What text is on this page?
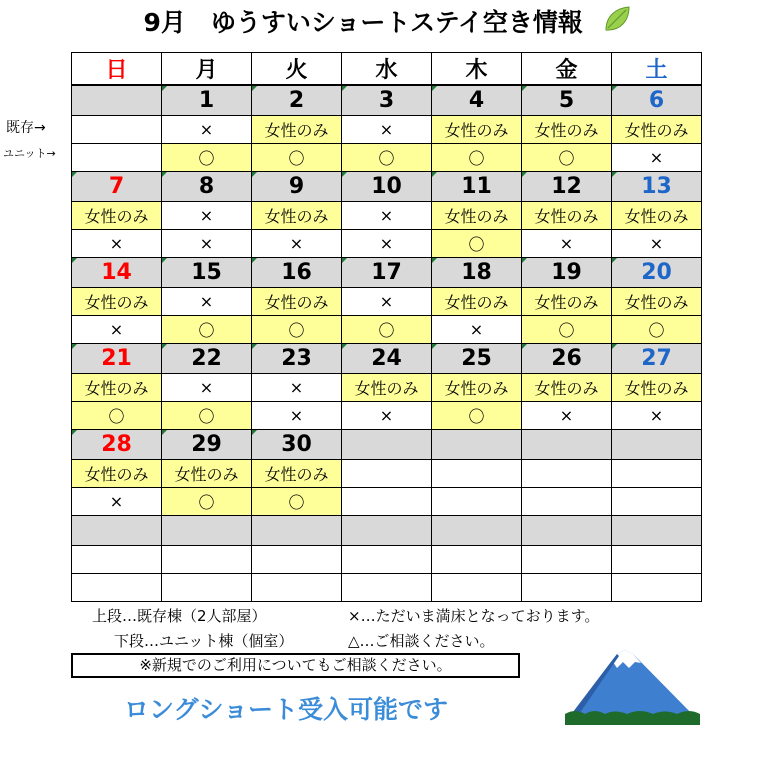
9月　ゆうすいショートステイ空き情報
既存→
ユニット→
日	月	火	水	木	金	土
	1	2	3	4	5	6
	×	女性のみ	×	女性のみ	女性のみ	女性のみ
	〇	〇	〇	〇	〇	×
7	8	9	10	11	12	13
女性のみ	×	女性のみ	×	女性のみ	女性のみ	女性のみ
×	×	×	×	〇	×	×
14	15	16	17	18	19	20
女性のみ	×	女性のみ	×	女性のみ	女性のみ	女性のみ
×	〇	〇	〇	×	〇	〇
21	22	23	24	25	26	27
女性のみ	×	×	女性のみ	女性のみ	女性のみ	女性のみ
〇	〇	×	×	〇	×	×
28	29	30				
女性のみ	女性のみ	女性のみ				
×	〇	〇				

上段…既存棟（2人部屋）
下段…ユニット棟（個室）
×…ただいま満床となっております。
△…ご相談ください。
※新規でのご利用についてもご相談ください。
ロングショート受入可能です
